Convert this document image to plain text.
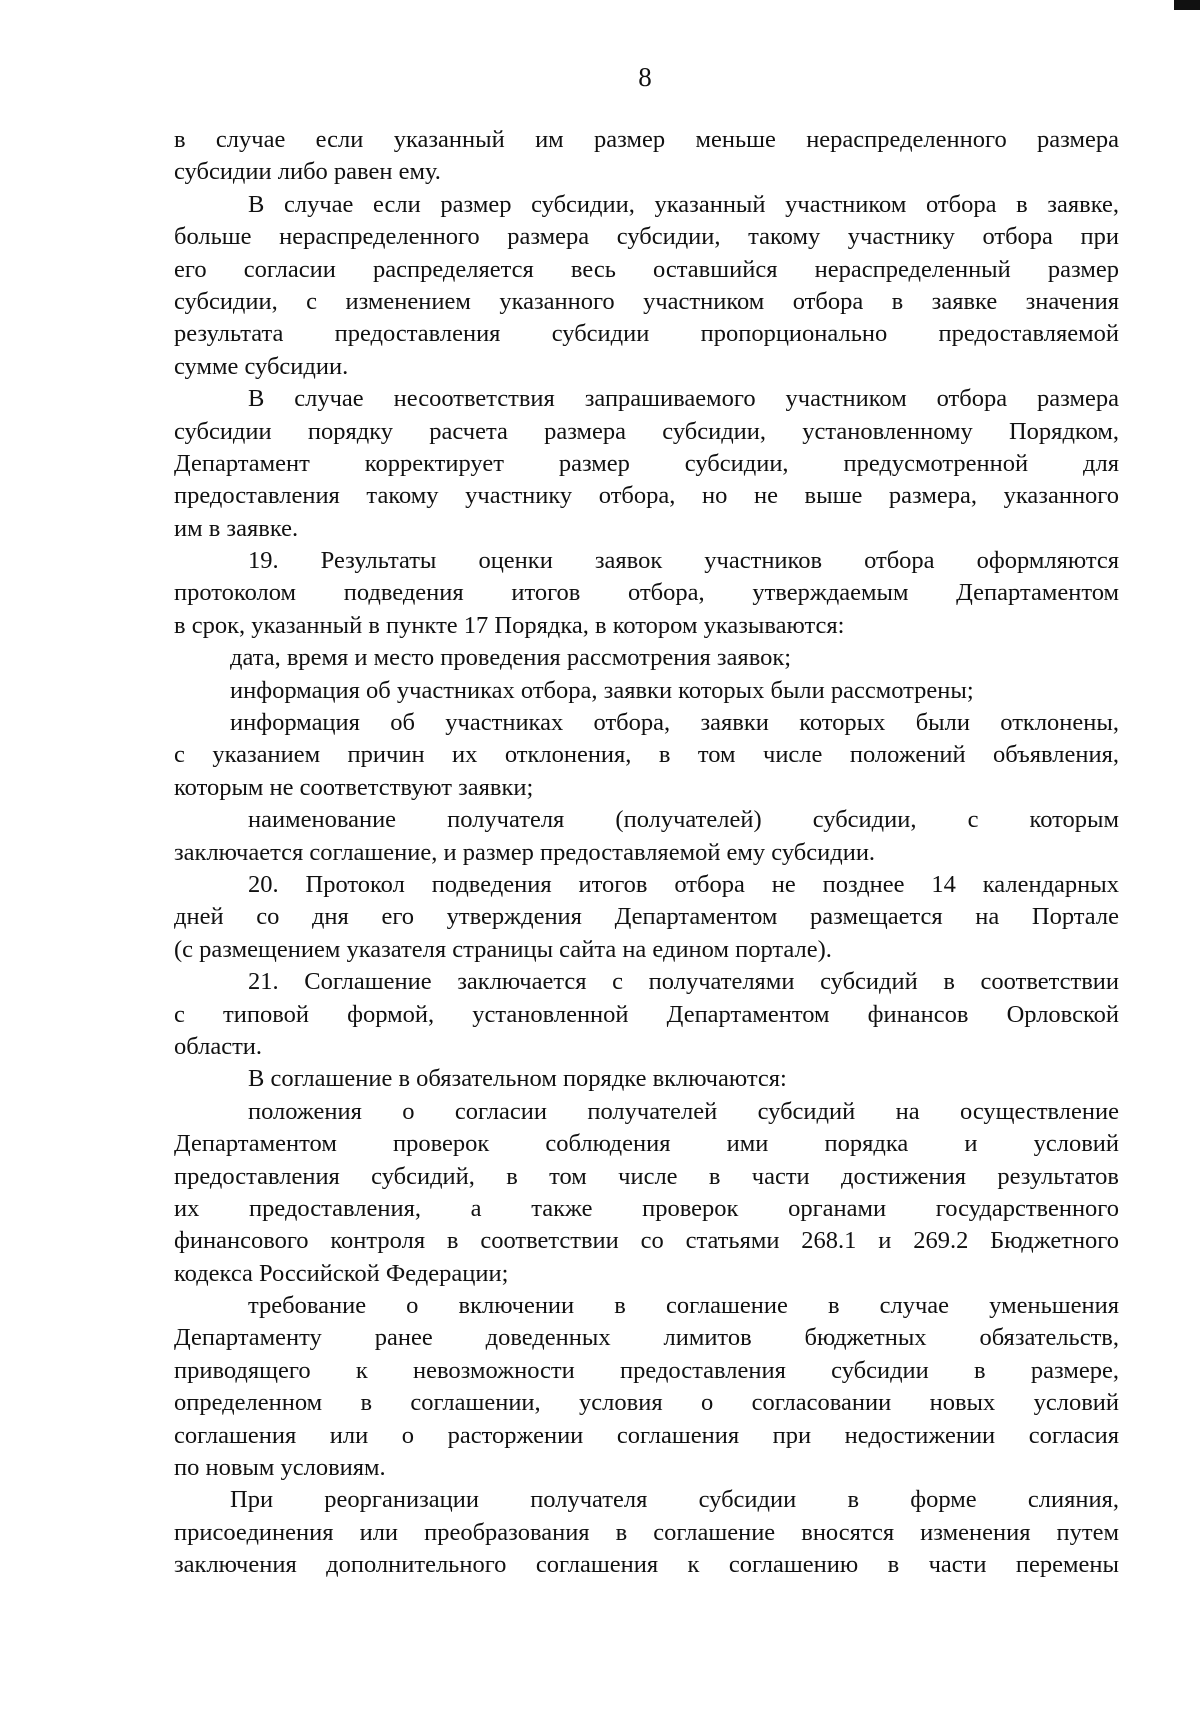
8
в случае если указанный им размер меньше нераспределенного размера
субсидии либо равен ему.
В случае если размер субсидии, указанный участником отбора в заявке,
больше нераспределенного размера субсидии, такому участнику отбора при
его согласии распределяется весь оставшийся нераспределенный размер
субсидии, с изменением указанного участником отбора в заявке значения
результата предоставления субсидии пропорционально предоставляемой
сумме субсидии.
В случае несоответствия запрашиваемого участником отбора размера
субсидии порядку расчета размера субсидии, установленному Порядком,
Департамент корректирует размер субсидии, предусмотренной для
предоставления такому участнику отбора, но не выше размера, указанного
им в заявке.
19. Результаты оценки заявок участников отбора оформляются
протоколом подведения итогов отбора, утверждаемым Департаментом
в срок, указанный в пункте 17 Порядка, в котором указываются:
дата, время и место проведения рассмотрения заявок;
информация об участниках отбора, заявки которых были рассмотрены;
информация об участниках отбора, заявки которых были отклонены,
с указанием причин их отклонения, в том числе положений объявления,
которым не соответствуют заявки;
наименование получателя (получателей) субсидии, с которым
заключается соглашение, и размер предоставляемой ему субсидии.
20. Протокол подведения итогов отбора не позднее 14 календарных
дней со дня его утверждения Департаментом размещается на Портале
(с размещением указателя страницы сайта на едином портале).
21. Соглашение заключается с получателями субсидий в соответствии
с типовой формой, установленной Департаментом финансов Орловской
области.
В соглашение в обязательном порядке включаются:
положения о согласии получателей субсидий на осуществление
Департаментом проверок соблюдения ими порядка и условий
предоставления субсидий, в том числе в части достижения результатов
их предоставления, а также проверок органами государственного
финансового контроля в соответствии со статьями 268.1 и 269.2 Бюджетного
кодекса Российской Федерации;
требование о включении в соглашение в случае уменьшения
Департаменту ранее доведенных лимитов бюджетных обязательств,
приводящего к невозможности предоставления субсидии в размере,
определенном в соглашении, условия о согласовании новых условий
соглашения или о расторжении соглашения при недостижении согласия
по новым условиям.
При реорганизации получателя субсидии в форме слияния,
присоединения или преобразования в соглашение вносятся изменения путем
заключения дополнительного соглашения к соглашению в части перемены
